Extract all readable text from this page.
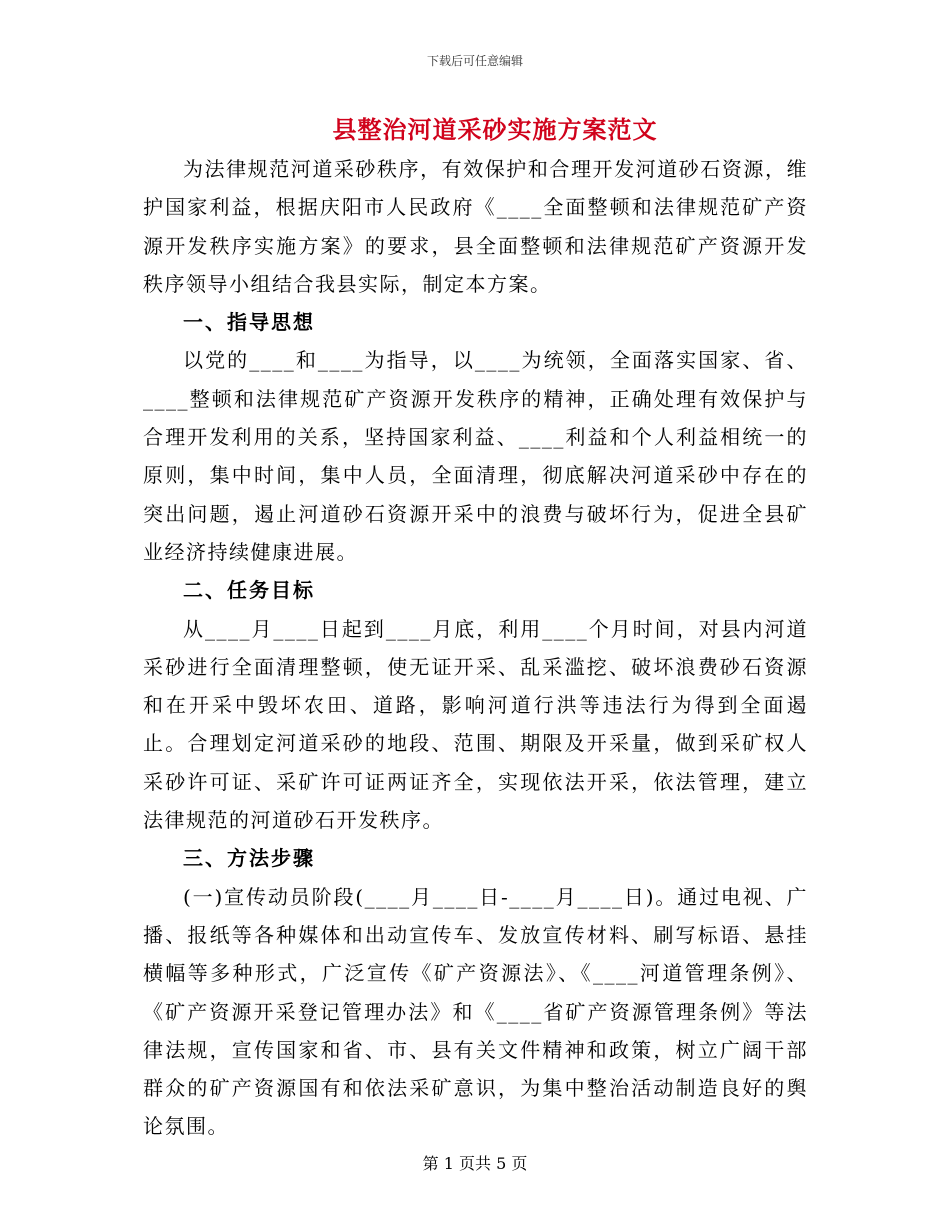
下载后可任意编辑
县整治河道采砂实施方案范文

为法律规范河道采砂秩序，有效保护和合理开发河道砂石资源，维护国家利益，根据庆阳市人民政府《____全面整顿和法律规范矿产资源开发秩序实施方案》的要求，县全面整顿和法律规范矿产资源开发秩序领导小组结合我县实际，制定本方案。

一、指导思想

以党的____和____为指导，以____为统领，全面落实国家、省、____整顿和法律规范矿产资源开发秩序的精神，正确处理有效保护与合理开发利用的关系，坚持国家利益、____利益和个人利益相统一的原则，集中时间，集中人员，全面清理，彻底解决河道采砂中存在的突出问题，遏止河道砂石资源开采中的浪费与破坏行为，促进全县矿业经济持续健康进展。

二、任务目标

从____月____日起到____月底，利用____个月时间，对县内河道采砂进行全面清理整顿，使无证开采、乱采滥挖、破坏浪费砂石资源和在开采中毁坏农田、道路，影响河道行洪等违法行为得到全面遏止。合理划定河道采砂的地段、范围、期限及开采量，做到采矿权人采砂许可证、采矿许可证两证齐全，实现依法开采，依法管理，建立法律规范的河道砂石开发秩序。

三、方法步骤

(一)宣传动员阶段(____月____日-____月____日)。通过电视、广播、报纸等各种媒体和出动宣传车、发放宣传材料、刷写标语、悬挂横幅等多种形式，广泛宣传《矿产资源法》、《____河道管理条例》、《矿产资源开采登记管理办法》和《____省矿产资源管理条例》等法律法规，宣传国家和省、市、县有关文件精神和政策，树立广阔干部群众的矿产资源国有和依法采矿意识，为集中整治活动制造良好的舆论氛围。

第 1 页共 5 页
